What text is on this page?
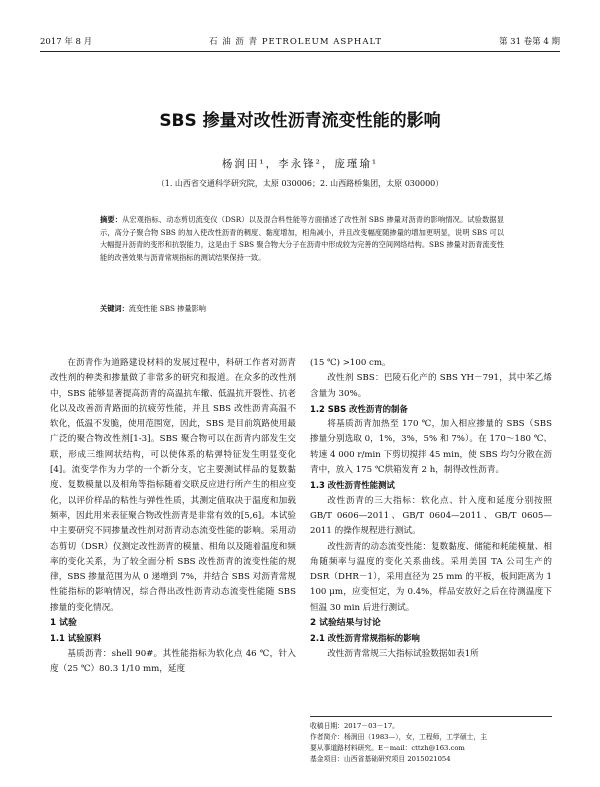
2017 年 8 月	石 油 沥 青 PETROLEUM ASPHALT	第 31 卷第 4 期
SBS 掺量对改性沥青流变性能的影响
杨润田¹，李永锋²，庞瑾瑜¹
（1. 山西省交通科学研究院，太原 030006；2. 山西路桥集团，太原 030000）
摘要：从宏观指标、动态剪切流变仪（DSR）以及混合料性能等方面描述了改性剂 SBS 掺量对沥青的影响情况。试验数据显示，高分子聚合物 SBS 的加入使改性沥青的稠度、黏度增加，相角减小，并且改变幅度随掺量的增加更明显，说明 SBS 可以大幅提升沥青的变形和抗裂能力，这是由于 SBS 聚合物大分子在沥青中形成较为完善的空间网络结构。SBS 掺量对沥青流变性能的改善效果与沥青常规指标的测试结果保持一致。
关键词：流变性能 SBS 掺量影响

在沥青作为道路建设材料的发展过程中，科研工作者对沥青改性剂的种类和掺量做了非常多的研究和报道。在众多的改性剂中，SBS 能够显著提高沥青的高温抗车辙、低温抗开裂性、抗老化以及改善沥青路面的抗疲劳性能，并且 SBS 改性沥青高温不软化，低温不发脆，使用范围宽，因此，SBS 是目前筑路使用最广泛的聚合物改性剂[1-3]。SBS 聚合物可以在沥青内部发生交联，形成三维网状结构，可以使体系的粘弹特征发生明显变化[4]。流变学作为力学的一个新分支，它主要测试样品的复数黏度、复数模量以及相角等指标随着交联反应进行所产生的相应变化，以评价样品的粘性与弹性性质，其测定值取决于温度和加载频率，因此用来表征聚合物改性沥青是非常有效的[5,6]。本试验中主要研究不同掺量改性剂对沥青动态流变性能的影响。采用动态剪切（DSR）仪测定改性沥青的模量、相角以及随着温度和频率的变化关系，为了较全面分析 SBS 改性沥青的流变性能的规律，SBS 掺量范围为从 0 递增到 7%，并结合 SBS 对沥青常规性能指标的影响情况，综合得出改性沥青动态流变性能随 SBS 掺量的变化情况。

1 试验

1.1 试验原料

基质沥青：shell 90#。其性能指标为软化点 46 ℃，针入度（25 ℃）80.3 1/10 mm，延度

(15 ℃) >100 cm。

改性剂 SBS：巴陵石化产的 SBS YH－791，其中苯乙烯含量为 30%。

1.2 SBS 改性沥青的制备

将基质沥青加热至 170 ℃，加入相应掺量的 SBS（SBS 掺量分别选取 0，1%，3%，5% 和 7%）。在 170～180 ℃、转速 4 000 r/min 下剪切搅拌 45 min，使 SBS 均匀分散在沥青中，放入 175 ℃烘箱发育 2 h，制得改性沥青。

1.3 改性沥青性能测试

改性沥青的三大指标：软化点、针入度和延度分别按照 GB/T 0606—2011、GB/T 0604—2011、GB/T 0605—2011 的操作规程进行测试。

改性沥青的动态流变性能：复数黏度、储能和耗能模量、相角随频率与温度的变化关系曲线。采用美国 TA 公司生产的 DSR（DHR－1），采用直径为 25 mm 的平板，板间距离为 1 100 μm，应变恒定，为 0.4%，样品安放好之后在待测温度下恒温 30 min 后进行测试。

2 试验结果与讨论

2.1 改性沥青常规指标的影响

改性沥青常规三大指标试验数据如表1所

收稿日期：2017－03－17。
作者简介：杨润田（1983—），女，工程师，工学硕士，主
要从事道路材料研究。E－mail：cttzh@163.com
基金项目：山西省基础研究项目 2015021054
